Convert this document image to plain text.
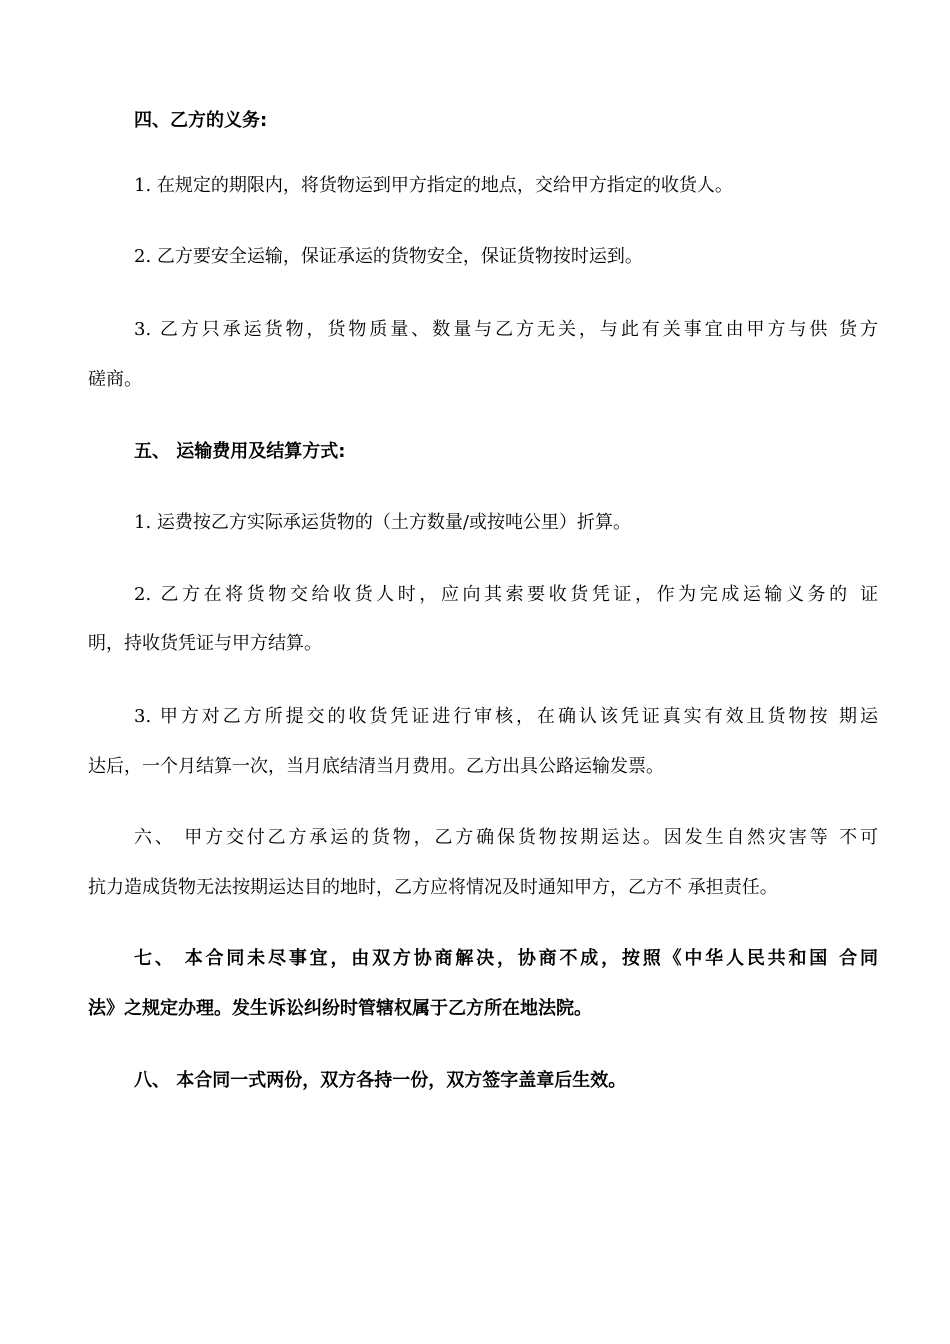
四、乙方的义务:
1. 在规定的期限内，将货物运到甲方指定的地点，交给甲方指定的收货人。
2. 乙方要安全运输，保证承运的货物安全，保证货物按时运到。
3. 乙方只承运货物，货物质量、数量与乙方无关，与此有关事宜由甲方与供 货方
磋商。
五、 运输费用及结算方式:
1. 运费按乙方实际承运货物的（土方数量/或按吨公里）折算。
2. 乙方在将货物交给收货人时，应向其索要收货凭证，作为完成运输义务的 证
明，持收货凭证与甲方结算。
3. 甲方对乙方所提交的收货凭证进行审核，在确认该凭证真实有效且货物按 期运
达后，一个月结算一次，当月底结清当月费用。乙方出具公路运输发票。
六、 甲方交付乙方承运的货物，乙方确保货物按期运达。因发生自然灾害等 不可
抗力造成货物无法按期运达目的地时，乙方应将情况及时通知甲方，乙方不 承担责任。
七、 本合同未尽事宜，由双方协商解决，协商不成，按照《中华人民共和国 合同
法》之规定办理。发生诉讼纠纷时管辖权属于乙方所在地法院。
八、 本合同一式两份，双方各持一份，双方签字盖章后生效。
